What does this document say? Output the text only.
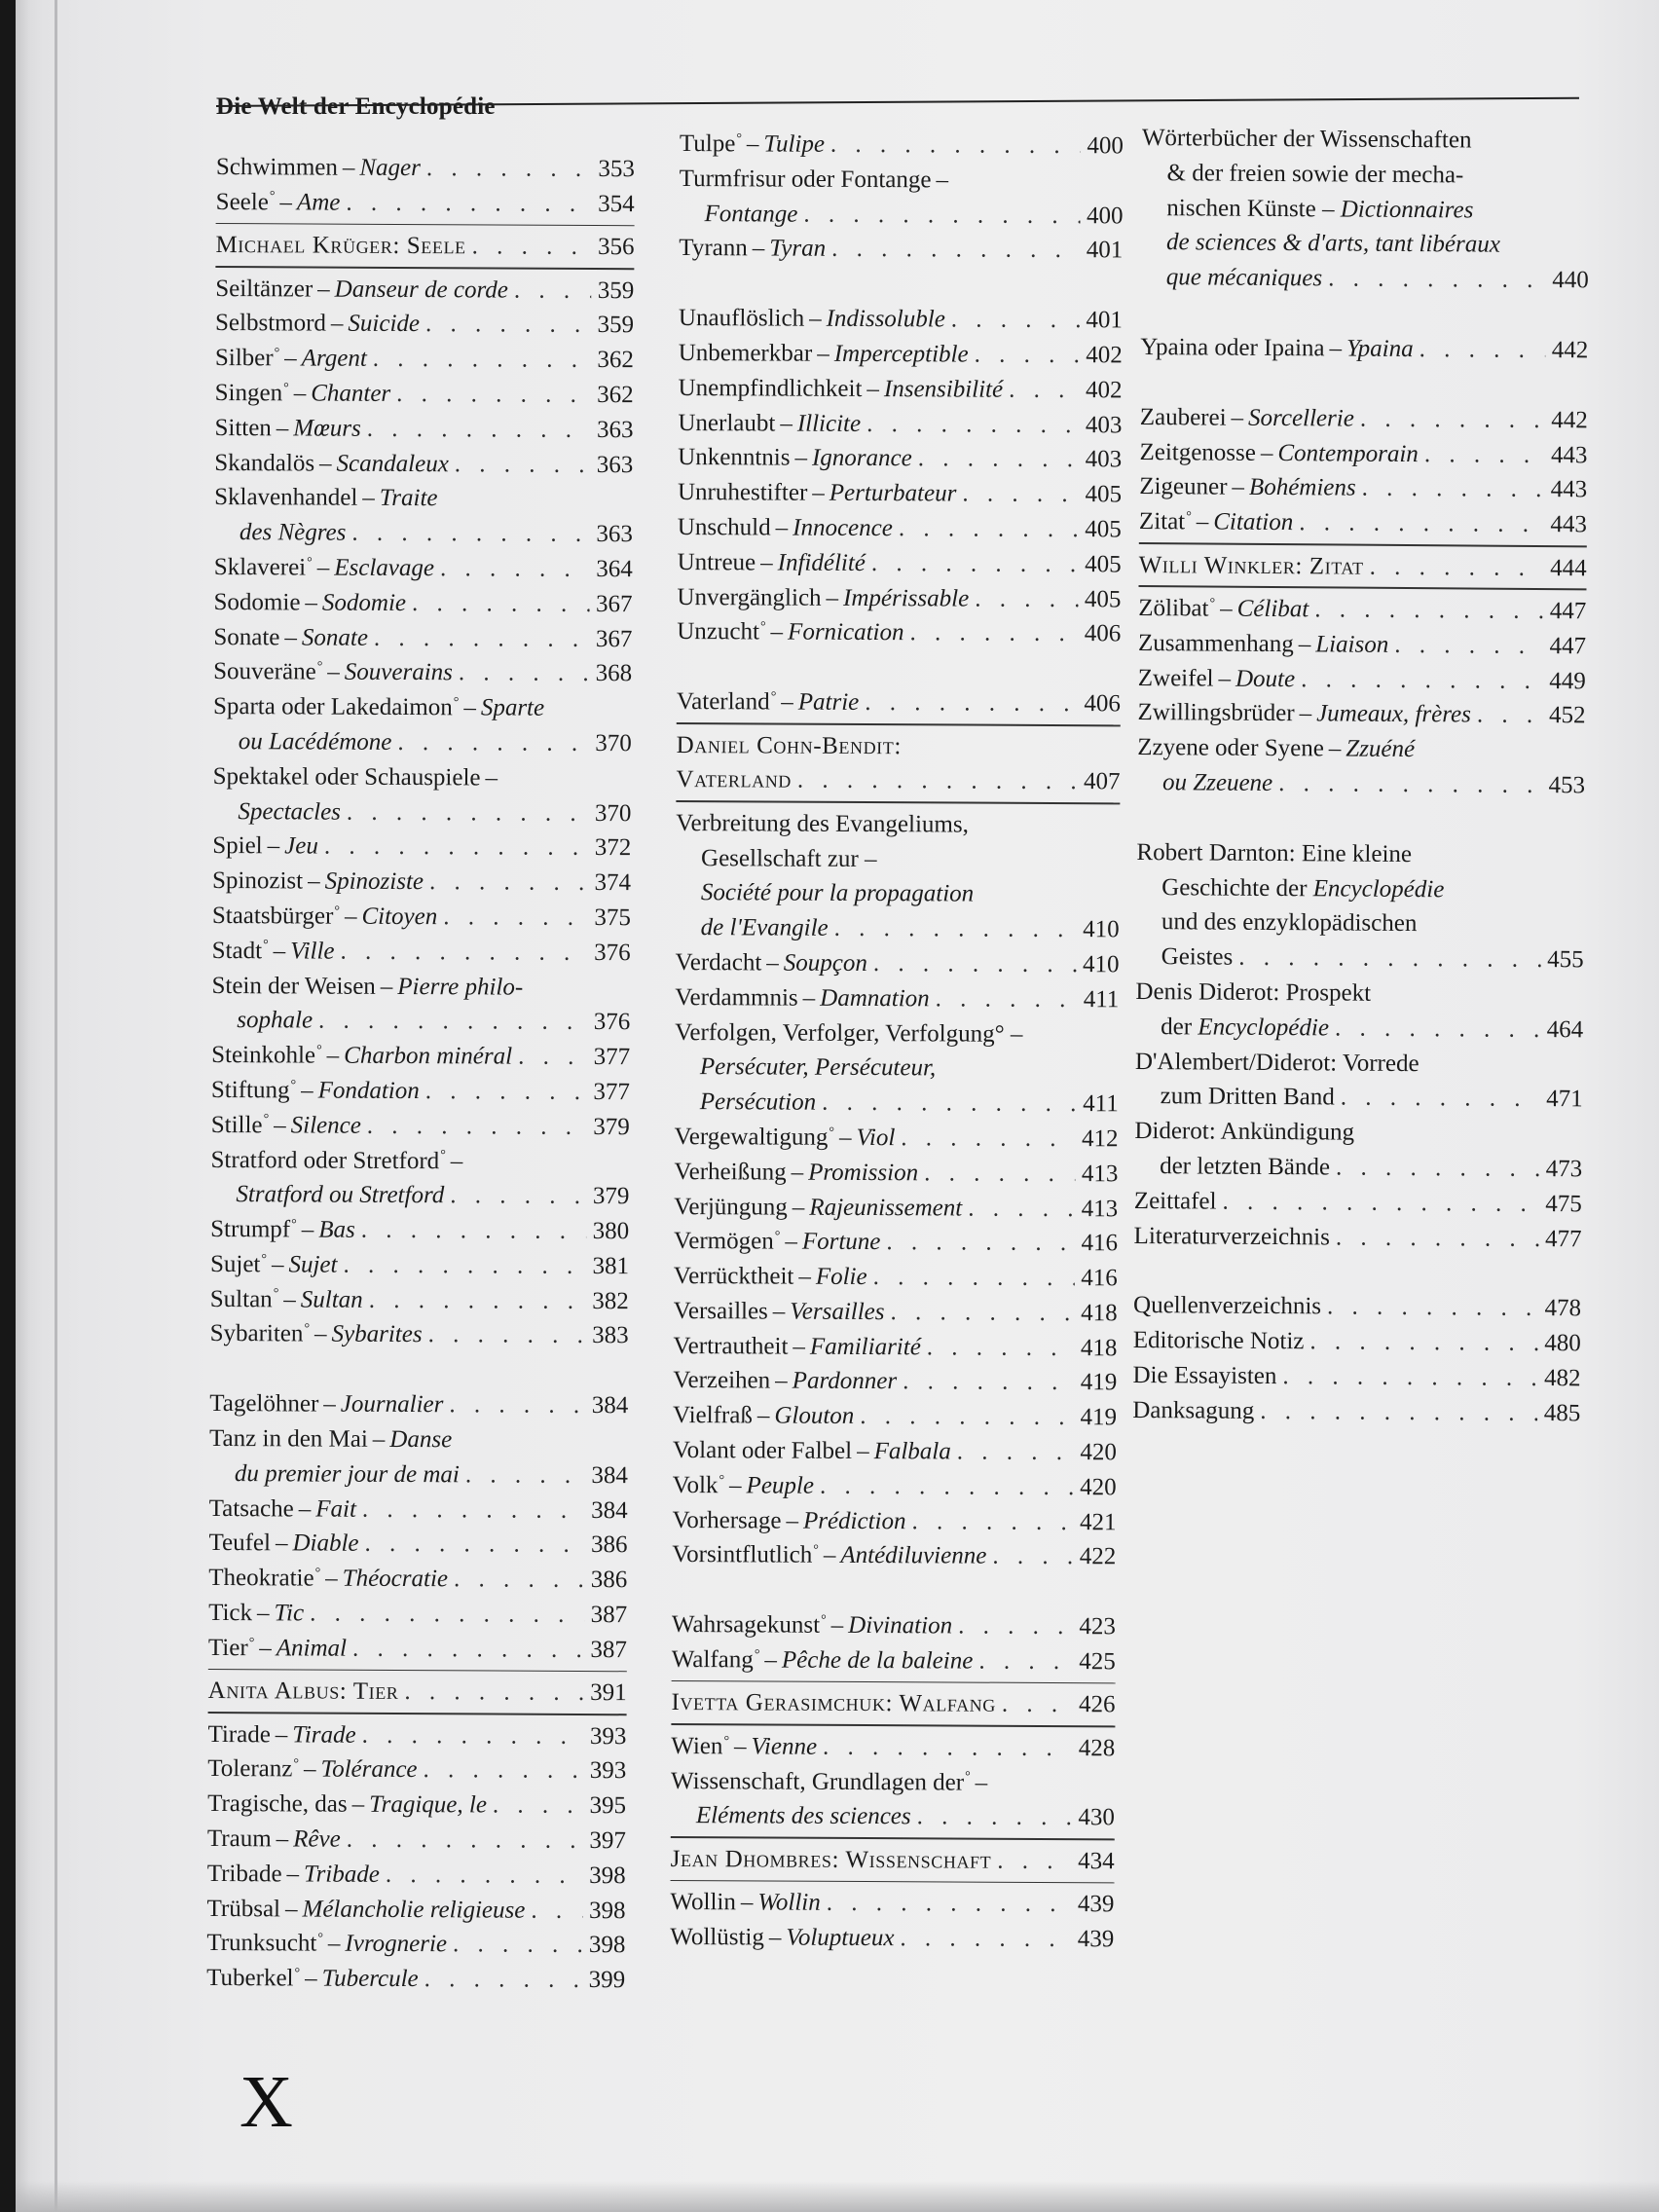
Die Welt der Encyclopédie
Schwimmen – Nager . . .	353
Seele° – Ame . . .	354
Michael Krüger: Seele . . .	356
Seiltänzer – Danseur de corde . . .	359
Selbstmord – Suicide . . .	359
Silber° – Argent . . .	362
Singen° – Chanter . . .	362
Sitten – Mœurs . . .	363
Skandalös – Scandaleux . . .	363
Sklavenhandel – Traite
des Nègres . . .	363
Sklaverei° – Esclavage . . .	364
Sodomie – Sodomie . . .	367
Sonate – Sonate . . .	367
Souveräne° – Souverains . . .	368
Sparta oder Lakedaimon° – Sparte
ou Lacédémone . . .	370
Spektakel oder Schauspiele –
Spectacles . . .	370
Spiel – Jeu . . .	372
Spinozist – Spinoziste . . .	374
Staatsbürger° – Citoyen . . .	375
Stadt° – Ville . . .	376
Stein der Weisen – Pierre philo-
sophale . . .	376
Steinkohle° – Charbon minéral . . .	377
Stiftung° – Fondation . . .	377
Stille° – Silence . . .	379
Stratford oder Stretford° –
Stratford ou Stretford . . .	379
Strumpf° – Bas . . .	380
Sujet° – Sujet . . .	381
Sultan° – Sultan . . .	382
Sybariten° – Sybarites . . .	383
Tagelöhner – Journalier . . .	384
Tanz in den Mai – Danse
du premier jour de mai . . .	384
Tatsache – Fait . . .	384
Teufel – Diable . . .	386
Theokratie° – Théocratie . . .	386
Tick – Tic . . .	387
Tier° – Animal . . .	387
Anita Albus: Tier . . .	391
Tirade – Tirade . . .	393
Toleranz° – Tolérance . . .	393
Tragische, das – Tragique, le . . .	395
Traum – Rêve . . .	397
Tribade – Tribade . . .	398
Trübsal – Mélancholie religieuse . . .	398
Trunksucht° – Ivrognerie . . .	398
Tuberkel° – Tubercule . . .	399
Tulpe° – Tulipe . . .	400
Turmfrisur oder Fontange –
Fontange . . .	400
Tyrann – Tyran . . .	401
Unauflöslich – Indissoluble . . .	401
Unbemerkbar – Imperceptible . . .	402
Unempfindlichkeit – Insensibilité . . .	402
Unerlaubt – Illicite . . .	403
Unkenntnis – Ignorance . . .	403
Unruhestifter – Perturbateur . . .	405
Unschuld – Innocence . . .	405
Untreue – Infidélité . . .	405
Unvergänglich – Impérissable . . .	405
Unzucht° – Fornication . . .	406
Vaterland° – Patrie . . .	406
Daniel Cohn-Bendit:
Vaterland . . .	407
Verbreitung des Evangeliums,
Gesellschaft zur –
Société pour la propagation
de l'Evangile . . .	410
Verdacht – Soupçon . . .	410
Verdammnis – Damnation . . .	411
Verfolgen, Verfolger, Verfolgung° –
Persécuter, Persécuteur,
Persécution . . .	411
Vergewaltigung° – Viol . . .	412
Verheißung – Promission . . .	413
Verjüngung – Rajeunissement . . .	413
Vermögen° – Fortune . . .	416
Verrücktheit – Folie . . .	416
Versailles – Versailles . . .	418
Vertrautheit – Familiarité . . .	418
Verzeihen – Pardonner . . .	419
Vielfraß – Glouton . . .	419
Volant oder Falbel – Falbala . . .	420
Volk° – Peuple . . .	420
Vorhersage – Prédiction . . .	421
Vorsintflutlich° – Antédiluvienne . . .	422
Wahrsagekunst° – Divination . . .	423
Walfang° – Pêche de la baleine . . .	425
Ivetta Gerasimchuk: Walfang . . .	426
Wien° – Vienne . . .	428
Wissenschaft, Grundlagen der° –
Eléments des sciences . . .	430
Jean Dhombres: Wissenschaft . . .	434
Wollin – Wollin . . .	439
Wollüstig – Voluptueux . . .	439
Wörterbücher der Wissenschaften
& der freien sowie der mecha-
nischen Künste – Dictionnaires
de sciences & d'arts, tant libéraux
que mécaniques . . .	440
Ypaina oder Ipaina – Ypaina . . .	442
Zauberei – Sorcellerie . . .	442
Zeitgenosse – Contemporain . . .	443
Zigeuner – Bohémiens . . .	443
Zitat° – Citation . . .	443
Willi Winkler: Zitat . . .	444
Zölibat° – Célibat . . .	447
Zusammenhang – Liaison . . .	447
Zweifel – Doute . . .	449
Zwillingsbrüder – Jumeaux, frères . . .	452
Zzyene oder Syene – Zzuéné
ou Zzeuene . . .	453
Robert Darnton: Eine kleine
Geschichte der Encyclopédie
und des enzyklopädischen
Geistes . . .	455
Denis Diderot: Prospekt
der Encyclopédie . . .	464
D'Alembert/Diderot: Vorrede
zum Dritten Band . . .	471
Diderot: Ankündigung
der letzten Bände . . .	473
Zeittafel . . .	475
Literaturverzeichnis . . .	477
Quellenverzeichnis . . .	478
Editorische Notiz . . .	480
Die Essayisten . . .	482
Danksagung . . .	485
X
